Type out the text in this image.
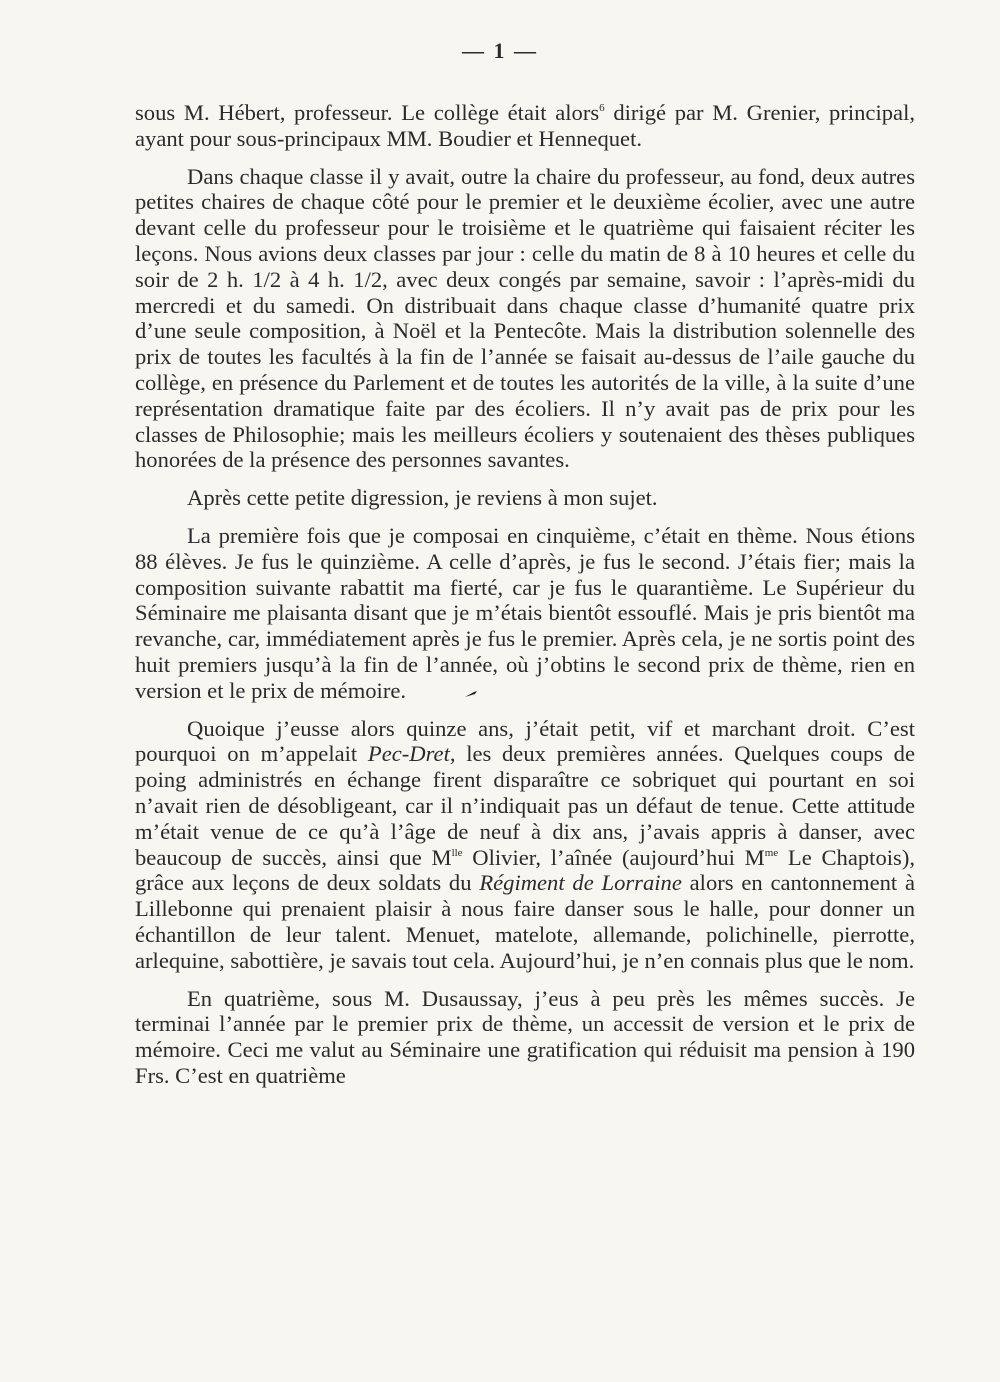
— 1 —

sous M. Hébert, professeur. Le collège était alors$^6$ dirigé par M. Grenier, principal, ayant pour sous-principaux MM. Boudier et Hennequet.

Dans chaque classe il y avait, outre la chaire du professeur, au fond, deux autres petites chaires de chaque côté pour le premier et le deuxième écolier, avec une autre devant celle du professeur pour le troisième et le quatrième qui faisaient réciter les leçons. Nous avions deux classes par jour : celle du matin de 8 à 10 heures et celle du soir de 2 h. 1/2 à 4 h. 1/2, avec deux congés par semaine, savoir : l’après-midi du mercredi et du samedi. On distribuait dans chaque classe d’humanité quatre prix d’une seule composition, à Noël et la Pentecôte. Mais la distribution solennelle des prix de toutes les facultés à la fin de l’année se faisait au-dessus de l’aile gauche du collège, en présence du Parlement et de toutes les autorités de la ville, à la suite d’une représentation dramatique faite par des écoliers. Il n’y avait pas de prix pour les classes de Philosophie; mais les meilleurs écoliers y soutenaient des thèses publiques honorées de la présence des personnes savantes.

Après cette petite digression, je reviens à mon sujet.

La première fois que je composai en cinquième, c’était en thème. Nous étions 88 élèves. Je fus le quinzième. A celle d’après, je fus le second. J’étais fier; mais la composition suivante rabattit ma fierté, car je fus le quarantième. Le Supérieur du Séminaire me plaisanta disant que je m’étais bientôt essouflé. Mais je pris bientôt ma revanche, car, immédiatement après je fus le premier. Après cela, je ne sortis point des huit premiers jusqu’à la fin de l’année, où j’obtins le second prix de thème, rien en version et le prix de mémoire.

Quoique j’eusse alors quinze ans, j’était petit, vif et marchant droit. C’est pourquoi on m’appelait Pec-Dret, les deux premières années. Quelques coups de poing administrés en échange firent disparaître ce sobriquet qui pourtant en soi n’avait rien de désobligeant, car il n’indiquait pas un défaut de tenue. Cette attitude m’était venue de ce qu’à l’âge de neuf à dix ans, j’avais appris à danser, avec beaucoup de succès, ainsi que $M^{lle}$ Olivier, l’aînée (aujourd’hui $M^{me}$ Le Chaptois), grâce aux leçons de deux soldats du Régiment de Lorraine alors en cantonnement à Lillebonne qui prenaient plaisir à nous faire danser sous le halle, pour donner un échantillon de leur talent. Menuet, matelote, allemande, polichinelle, pierrotte, arlequine, sabottière, je savais tout cela. Aujourd’hui, je n’en connais plus que le nom.

En quatrième, sous M. Dusaussay, j’eus à peu près les mêmes succès. Je terminai l’année par le premier prix de thème, un accessit de version et le prix de mémoire. Ceci me valut au Séminaire une gratification qui réduisit ma pension à 190 Frs. C’est en quatrième
